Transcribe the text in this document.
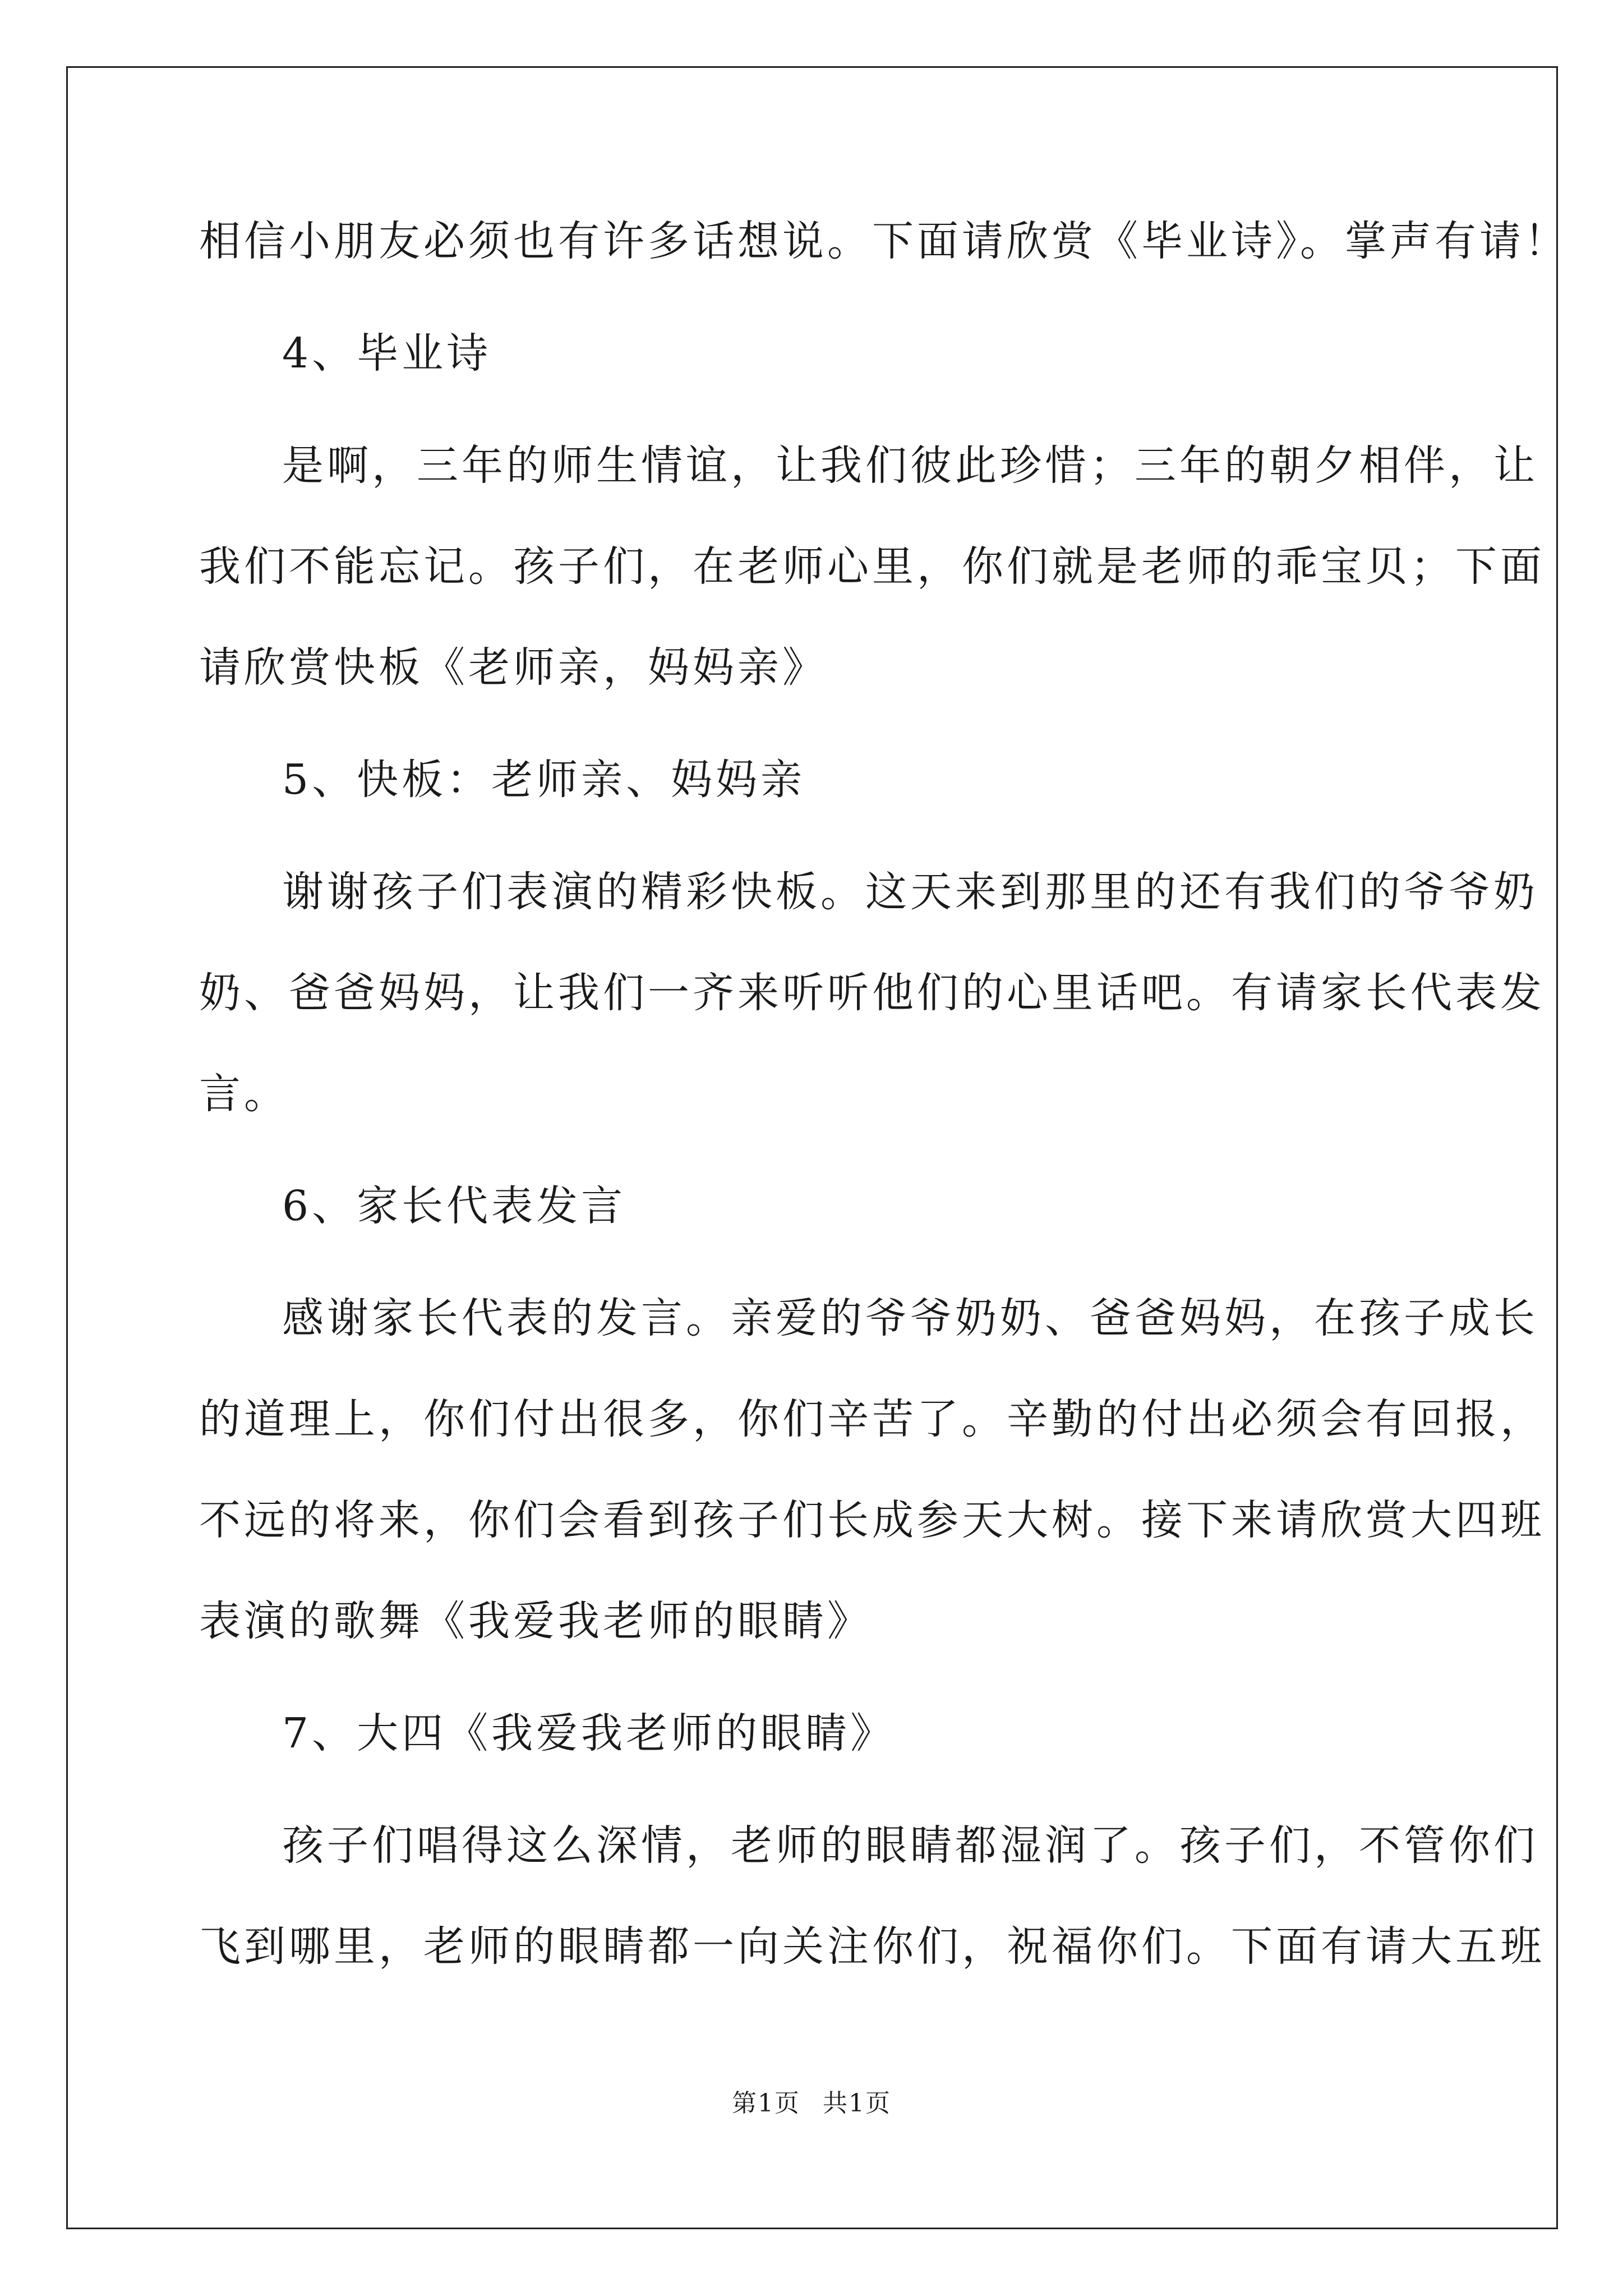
相信小朋友必须也有许多话想说。下面请欣赏《毕业诗》。掌声有请！
4、毕业诗
是啊，三年的师生情谊，让我们彼此珍惜；三年的朝夕相伴，让
我们不能忘记。孩子们，在老师心里，你们就是老师的乖宝贝；下面
请欣赏快板《老师亲，妈妈亲》
5、快板：老师亲、妈妈亲
谢谢孩子们表演的精彩快板。这天来到那里的还有我们的爷爷奶
奶、爸爸妈妈，让我们一齐来听听他们的心里话吧。有请家长代表发
言。
6、家长代表发言
感谢家长代表的发言。亲爱的爷爷奶奶、爸爸妈妈，在孩子成长
的道理上，你们付出很多，你们辛苦了。辛勤的付出必须会有回报，
不远的将来，你们会看到孩子们长成参天大树。接下来请欣赏大四班
表演的歌舞《我爱我老师的眼睛》
7、大四《我爱我老师的眼睛》
孩子们唱得这么深情，老师的眼睛都湿润了。孩子们，不管你们
飞到哪里，老师的眼睛都一向关注你们，祝福你们。下面有请大五班
第1页 共1页
